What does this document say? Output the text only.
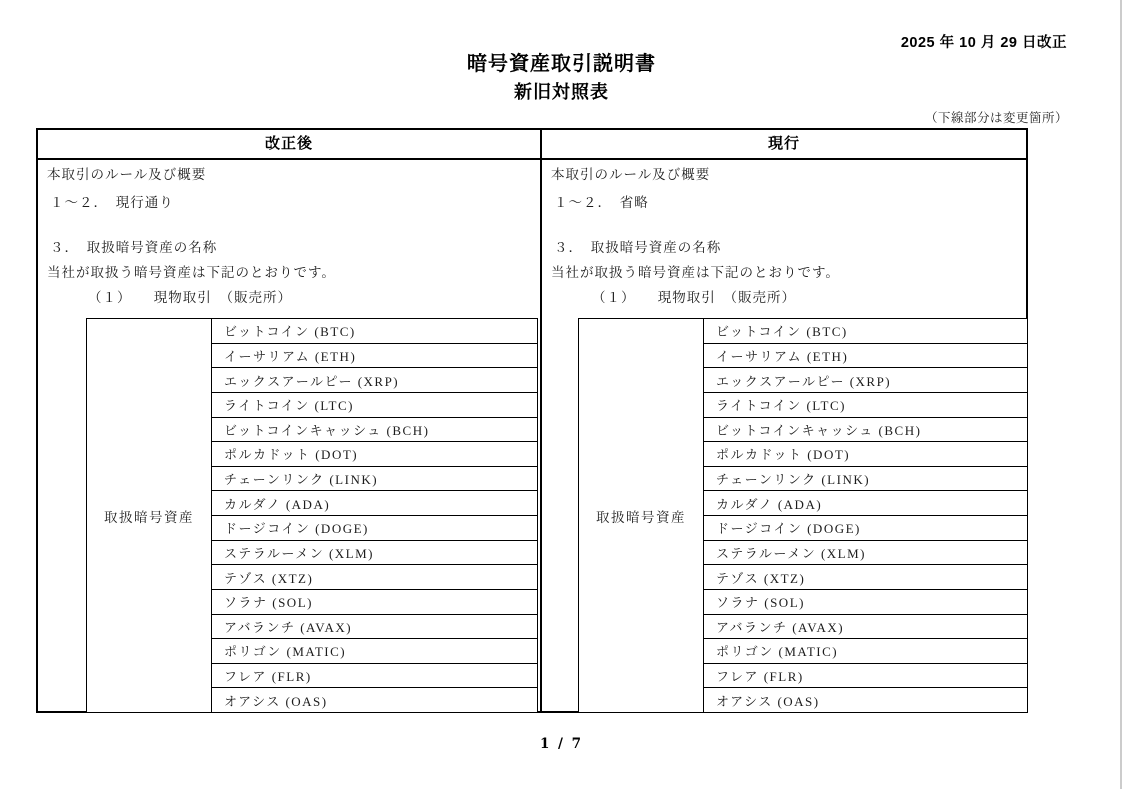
2025 年 10 月 29 日改正
暗号資産取引説明書
新旧対照表
（下線部分は変更箇所）
改正後	現行
本取引のルール及び概要
１～２．　現行通り
３．　取扱暗号資産の名称
当社が取扱う暗号資産は下記のとおりです。
（１）　　現物取引　（販売所）
本取引のルール及び概要
１～２．　省略
３．　取扱暗号資産の名称
当社が取扱う暗号資産は下記のとおりです。
（１）　　現物取引　（販売所）
取扱暗号資産
ビットコイン (BTC)
イーサリアム (ETH)
エックスアールピー (XRP)
ライトコイン (LTC)
ビットコインキャッシュ (BCH)
ポルカドット (DOT)
チェーンリンク (LINK)
カルダノ (ADA)
ドージコイン (DOGE)
ステラルーメン (XLM)
テゾス (XTZ)
ソラナ (SOL)
アバランチ (AVAX)
ポリゴン (MATIC)
フレア (FLR)
オアシス (OAS)
取扱暗号資産
ビットコイン (BTC)
イーサリアム (ETH)
エックスアールピー (XRP)
ライトコイン (LTC)
ビットコインキャッシュ (BCH)
ポルカドット (DOT)
チェーンリンク (LINK)
カルダノ (ADA)
ドージコイン (DOGE)
ステラルーメン (XLM)
テゾス (XTZ)
ソラナ (SOL)
アバランチ (AVAX)
ポリゴン (MATIC)
フレア (FLR)
オアシス (OAS)
1 / 7
